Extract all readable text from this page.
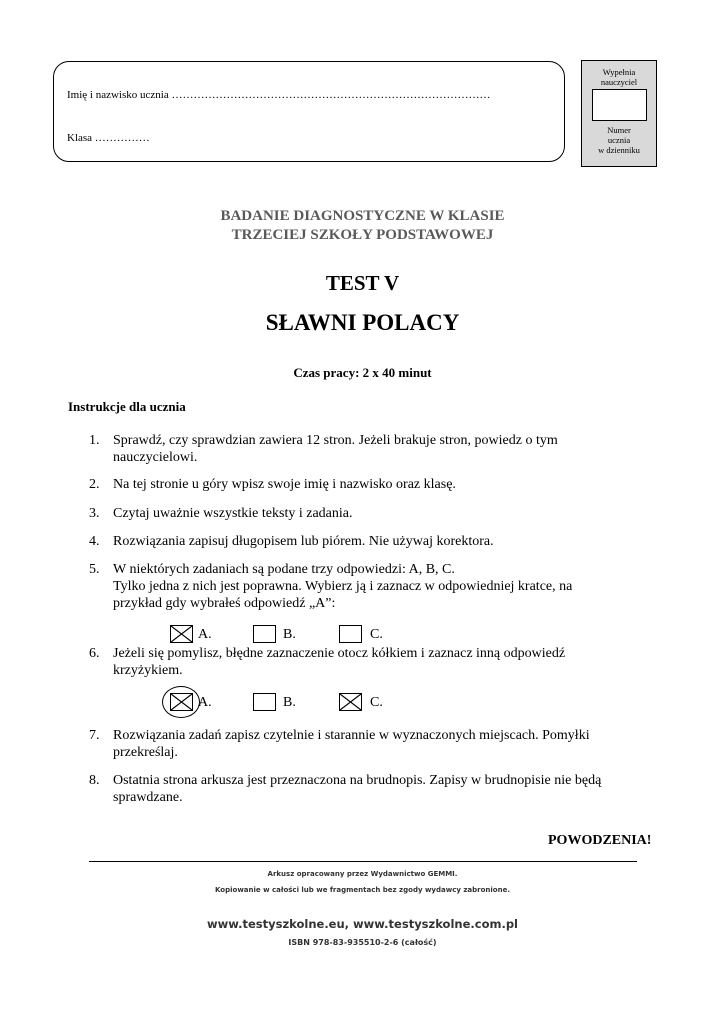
Imię i nazwisko ucznia ……………………………………………………………………………
Klasa ……………
Wypełnia
nauczyciel
Numer
ucznia
w dzienniku
BADANIE DIAGNOSTYCZNE W KLASIE
TRZECIEJ SZKOŁY PODSTAWOWEJ
TEST V
SŁAWNI POLACY
Czas pracy: 2 x 40 minut
Instrukcje dla ucznia
1. Sprawdź, czy sprawdzian zawiera 12 stron. Jeżeli brakuje stron, powiedz o tym
nauczycielowi.
2. Na tej stronie u góry wpisz swoje imię i nazwisko oraz klasę.
3. Czytaj uważnie wszystkie teksty i zadania.
4. Rozwiązania zapisuj długopisem lub piórem. Nie używaj korektora.
5. W niektórych zadaniach są podane trzy odpowiedzi: A, B, C.
Tylko jedna z nich jest poprawna. Wybierz ją i zaznacz w odpowiedniej kratce, na
przykład gdy wybrałeś odpowiedź „A”:
A.	B.	C.
6. Jeżeli się pomylisz, błędne zaznaczenie otocz kółkiem i zaznacz inną odpowiedź
krzyżykiem.
A.	B.	C.
7. Rozwiązania zadań zapisz czytelnie i starannie w wyznaczonych miejscach. Pomyłki
przekreślaj.
8. Ostatnia strona arkusza jest przeznaczona na brudnopis. Zapisy w brudnopisie nie będą
sprawdzane.
POWODZENIA!
Arkusz opracowany przez Wydawnictwo GEMMI.
Kopiowanie w całości lub we fragmentach bez zgody wydawcy zabronione.
www.testyszkolne.eu, www.testyszkolne.com.pl
ISBN 978-83-935510-2-6 (całość)
